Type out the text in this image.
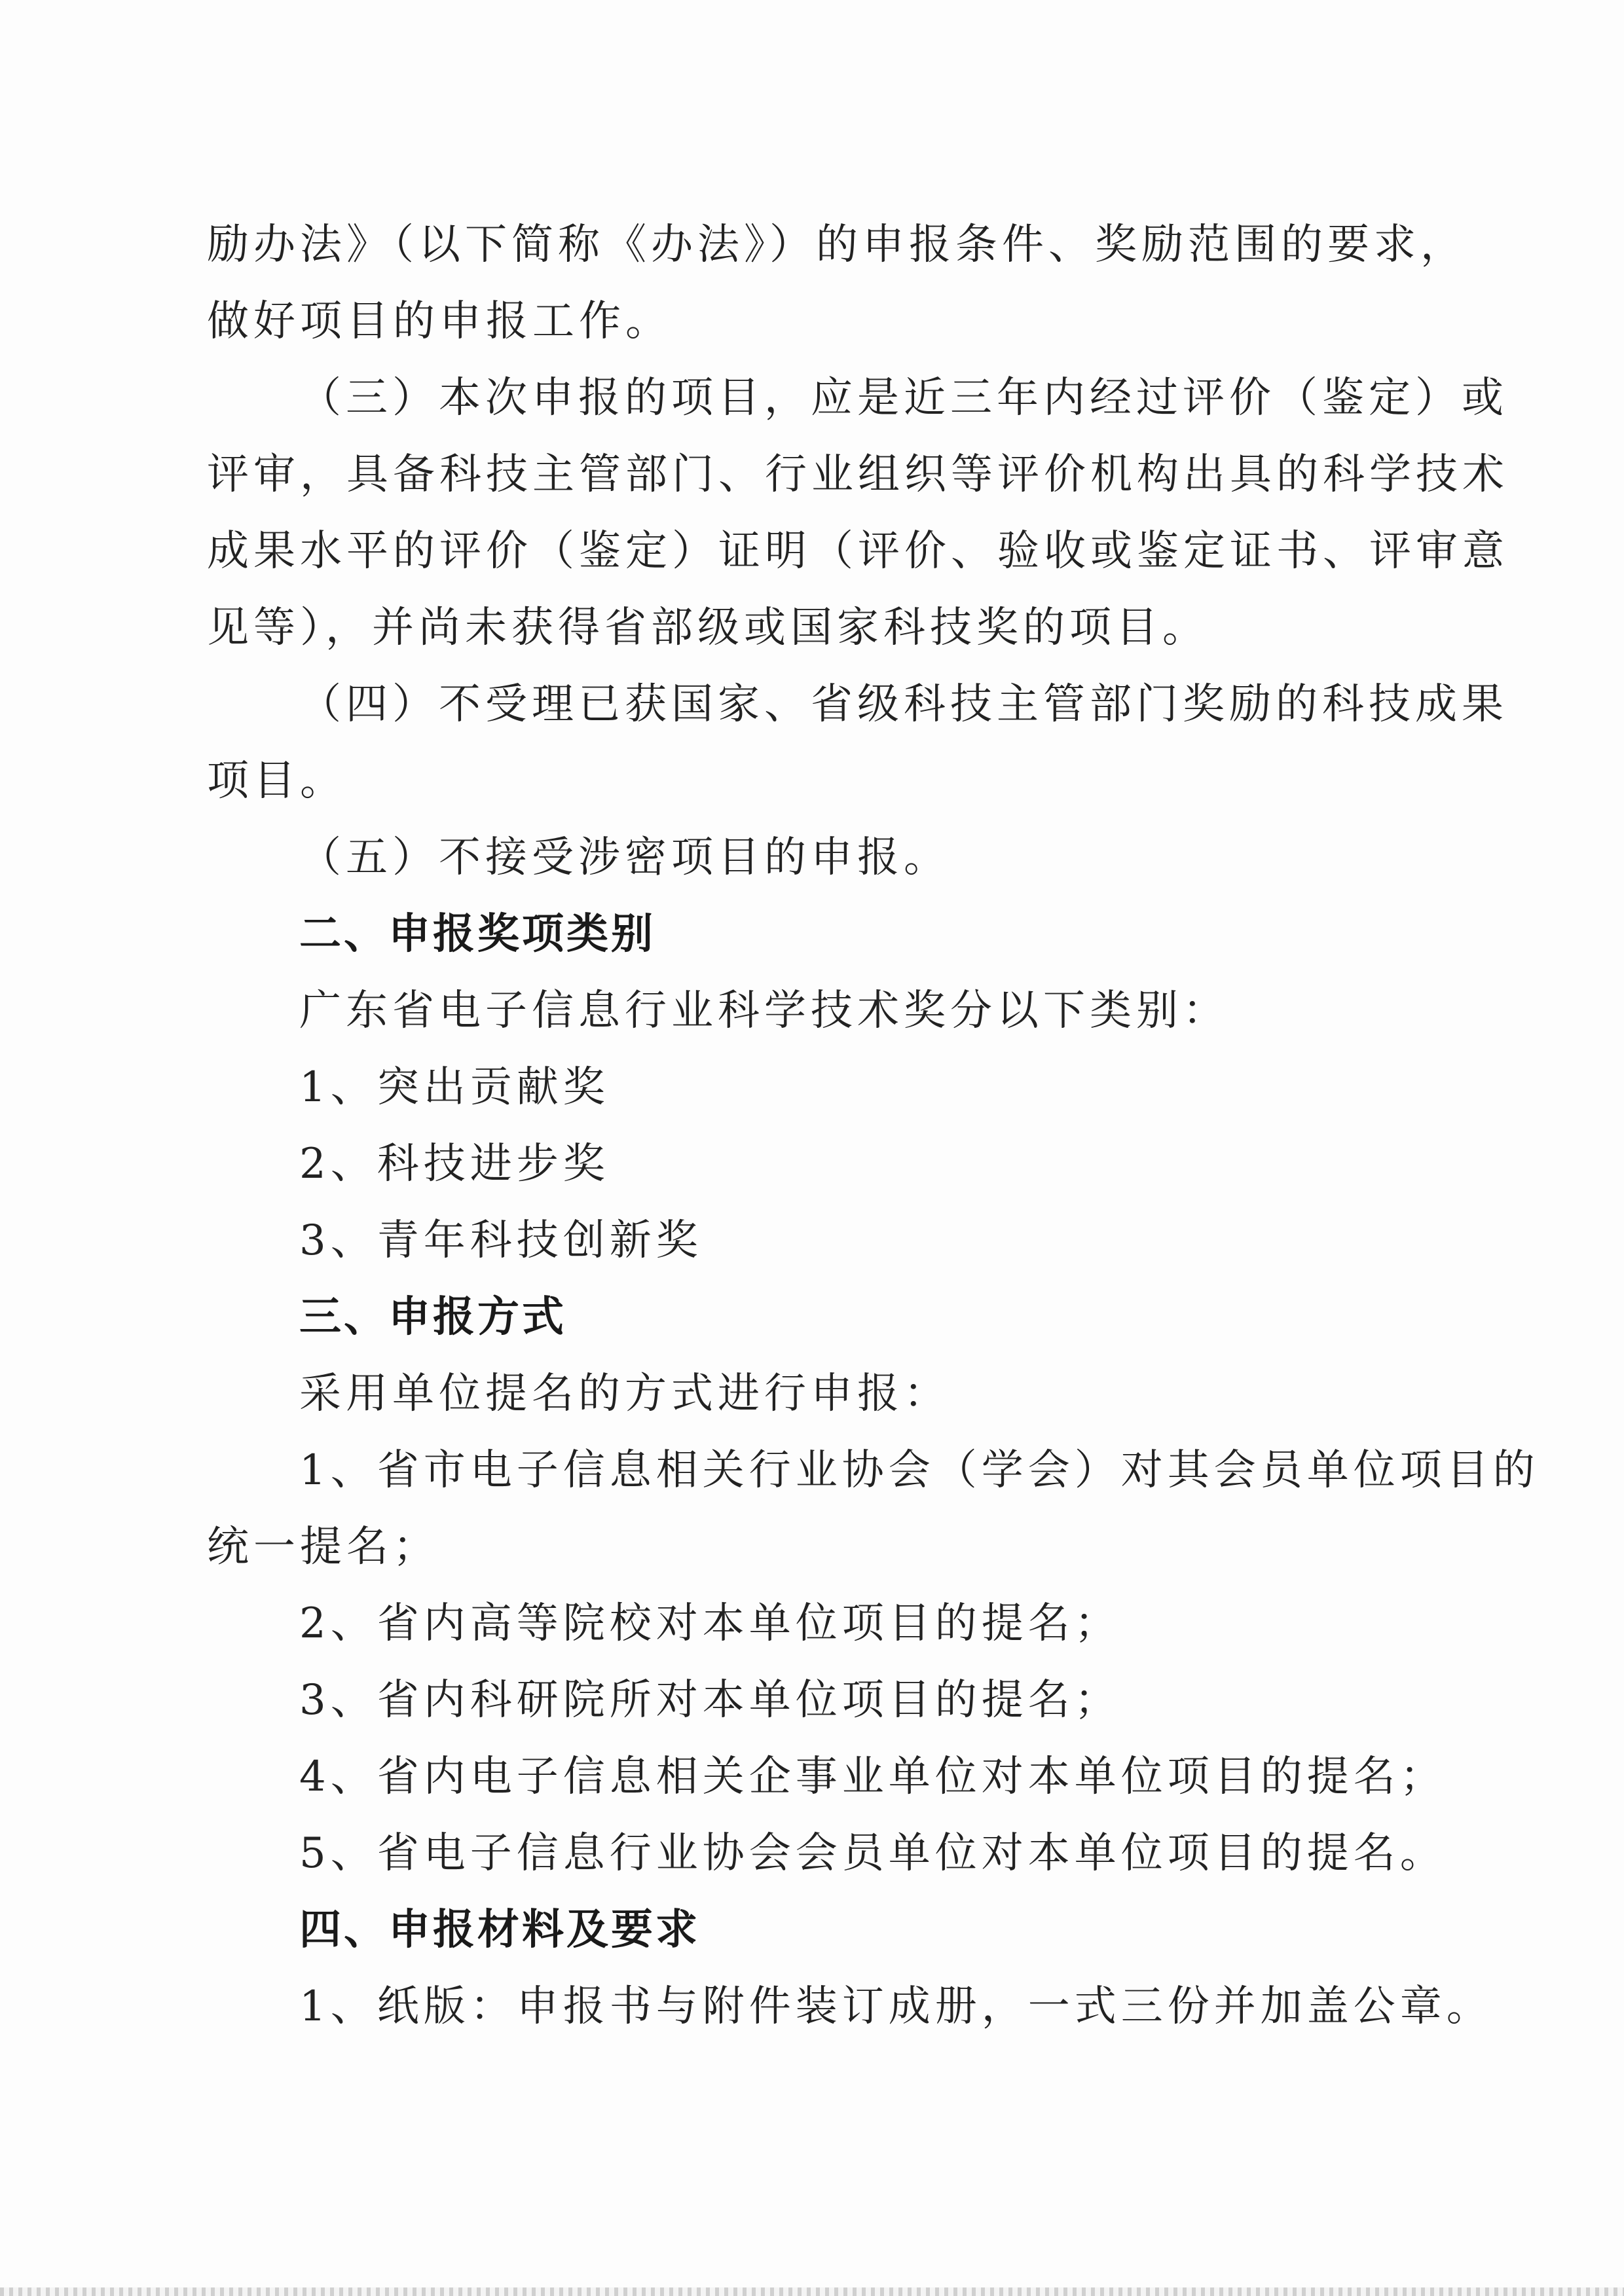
励办法》（以下简称《办法》）的申报条件、奖励范围的要求，
做好项目的申报工作。
（三）本次申报的项目，应是近三年内经过评价（鉴定）或
评审，具备科技主管部门、行业组织等评价机构出具的科学技术
成果水平的评价（鉴定）证明（评价、验收或鉴定证书、评审意
见等），并尚未获得省部级或国家科技奖的项目。
（四）不受理已获国家、省级科技主管部门奖励的科技成果
项目。
（五）不接受涉密项目的申报。
二、申报奖项类别
广东省电子信息行业科学技术奖分以下类别：
1、突出贡献奖
2、科技进步奖
3、青年科技创新奖
三、申报方式
采用单位提名的方式进行申报：
1、省市电子信息相关行业协会（学会）对其会员单位项目的
统一提名；
2、省内高等院校对本单位项目的提名；
3、省内科研院所对本单位项目的提名；
4、省内电子信息相关企事业单位对本单位项目的提名；
5、省电子信息行业协会会员单位对本单位项目的提名。
四、申报材料及要求
1、纸版：申报书与附件装订成册，一式三份并加盖公章。
